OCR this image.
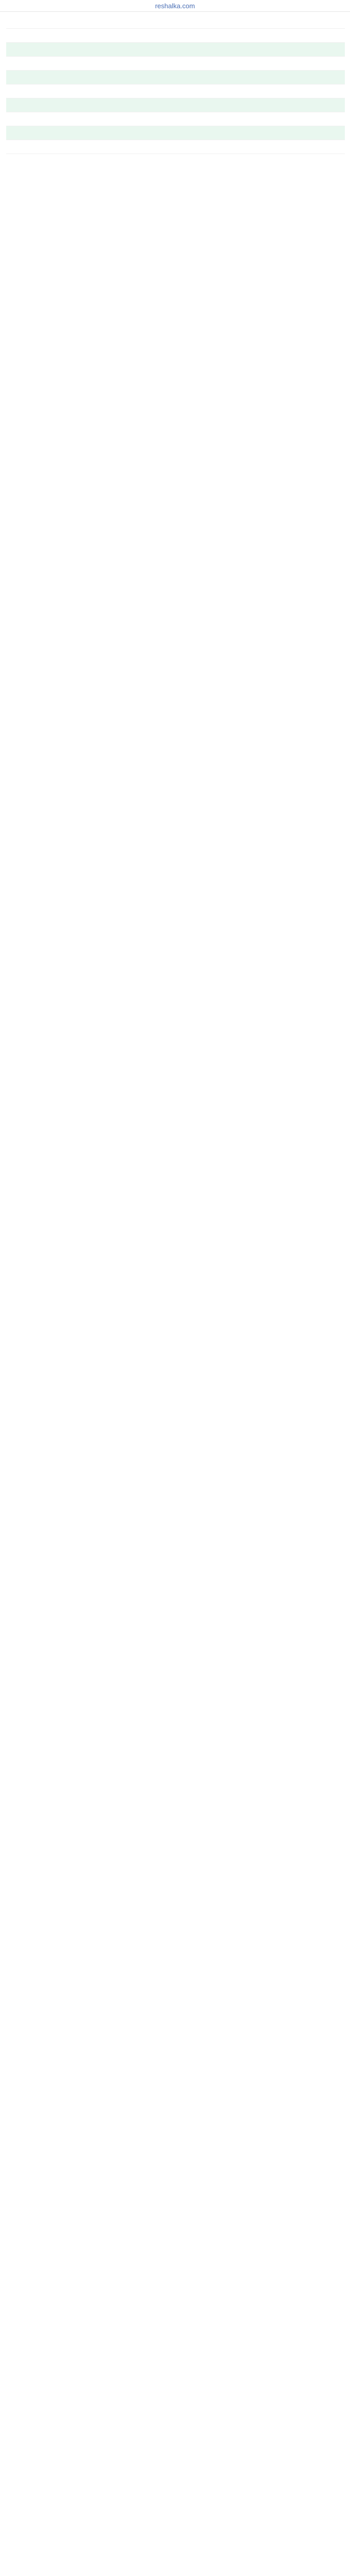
reshalka.com
